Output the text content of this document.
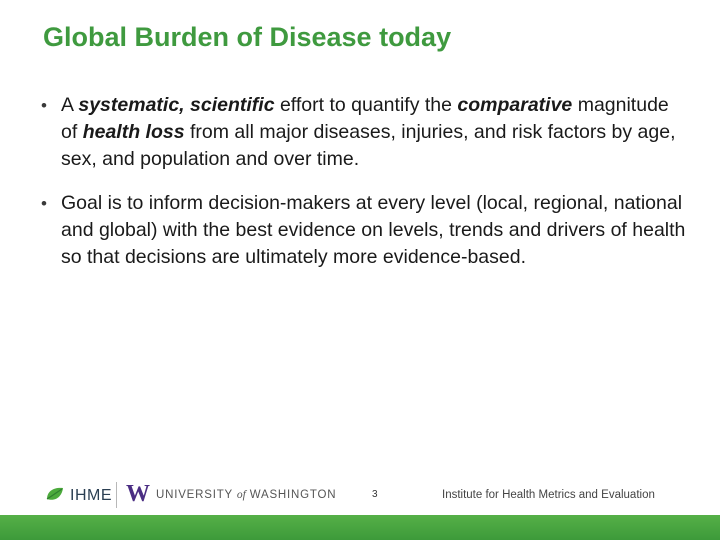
Global Burden of Disease today
• A systematic, scientific effort to quantify the comparative magnitude of health loss from all major diseases, injuries, and risk factors by age, sex, and population and over time.
• Goal is to inform decision-makers at every level (local, regional, national and global) with the best evidence on levels, trends and drivers of health so that decisions are ultimately more evidence-based.
IHME W UNIVERSITY of WASHINGTON	3	Institute for Health Metrics and Evaluation
